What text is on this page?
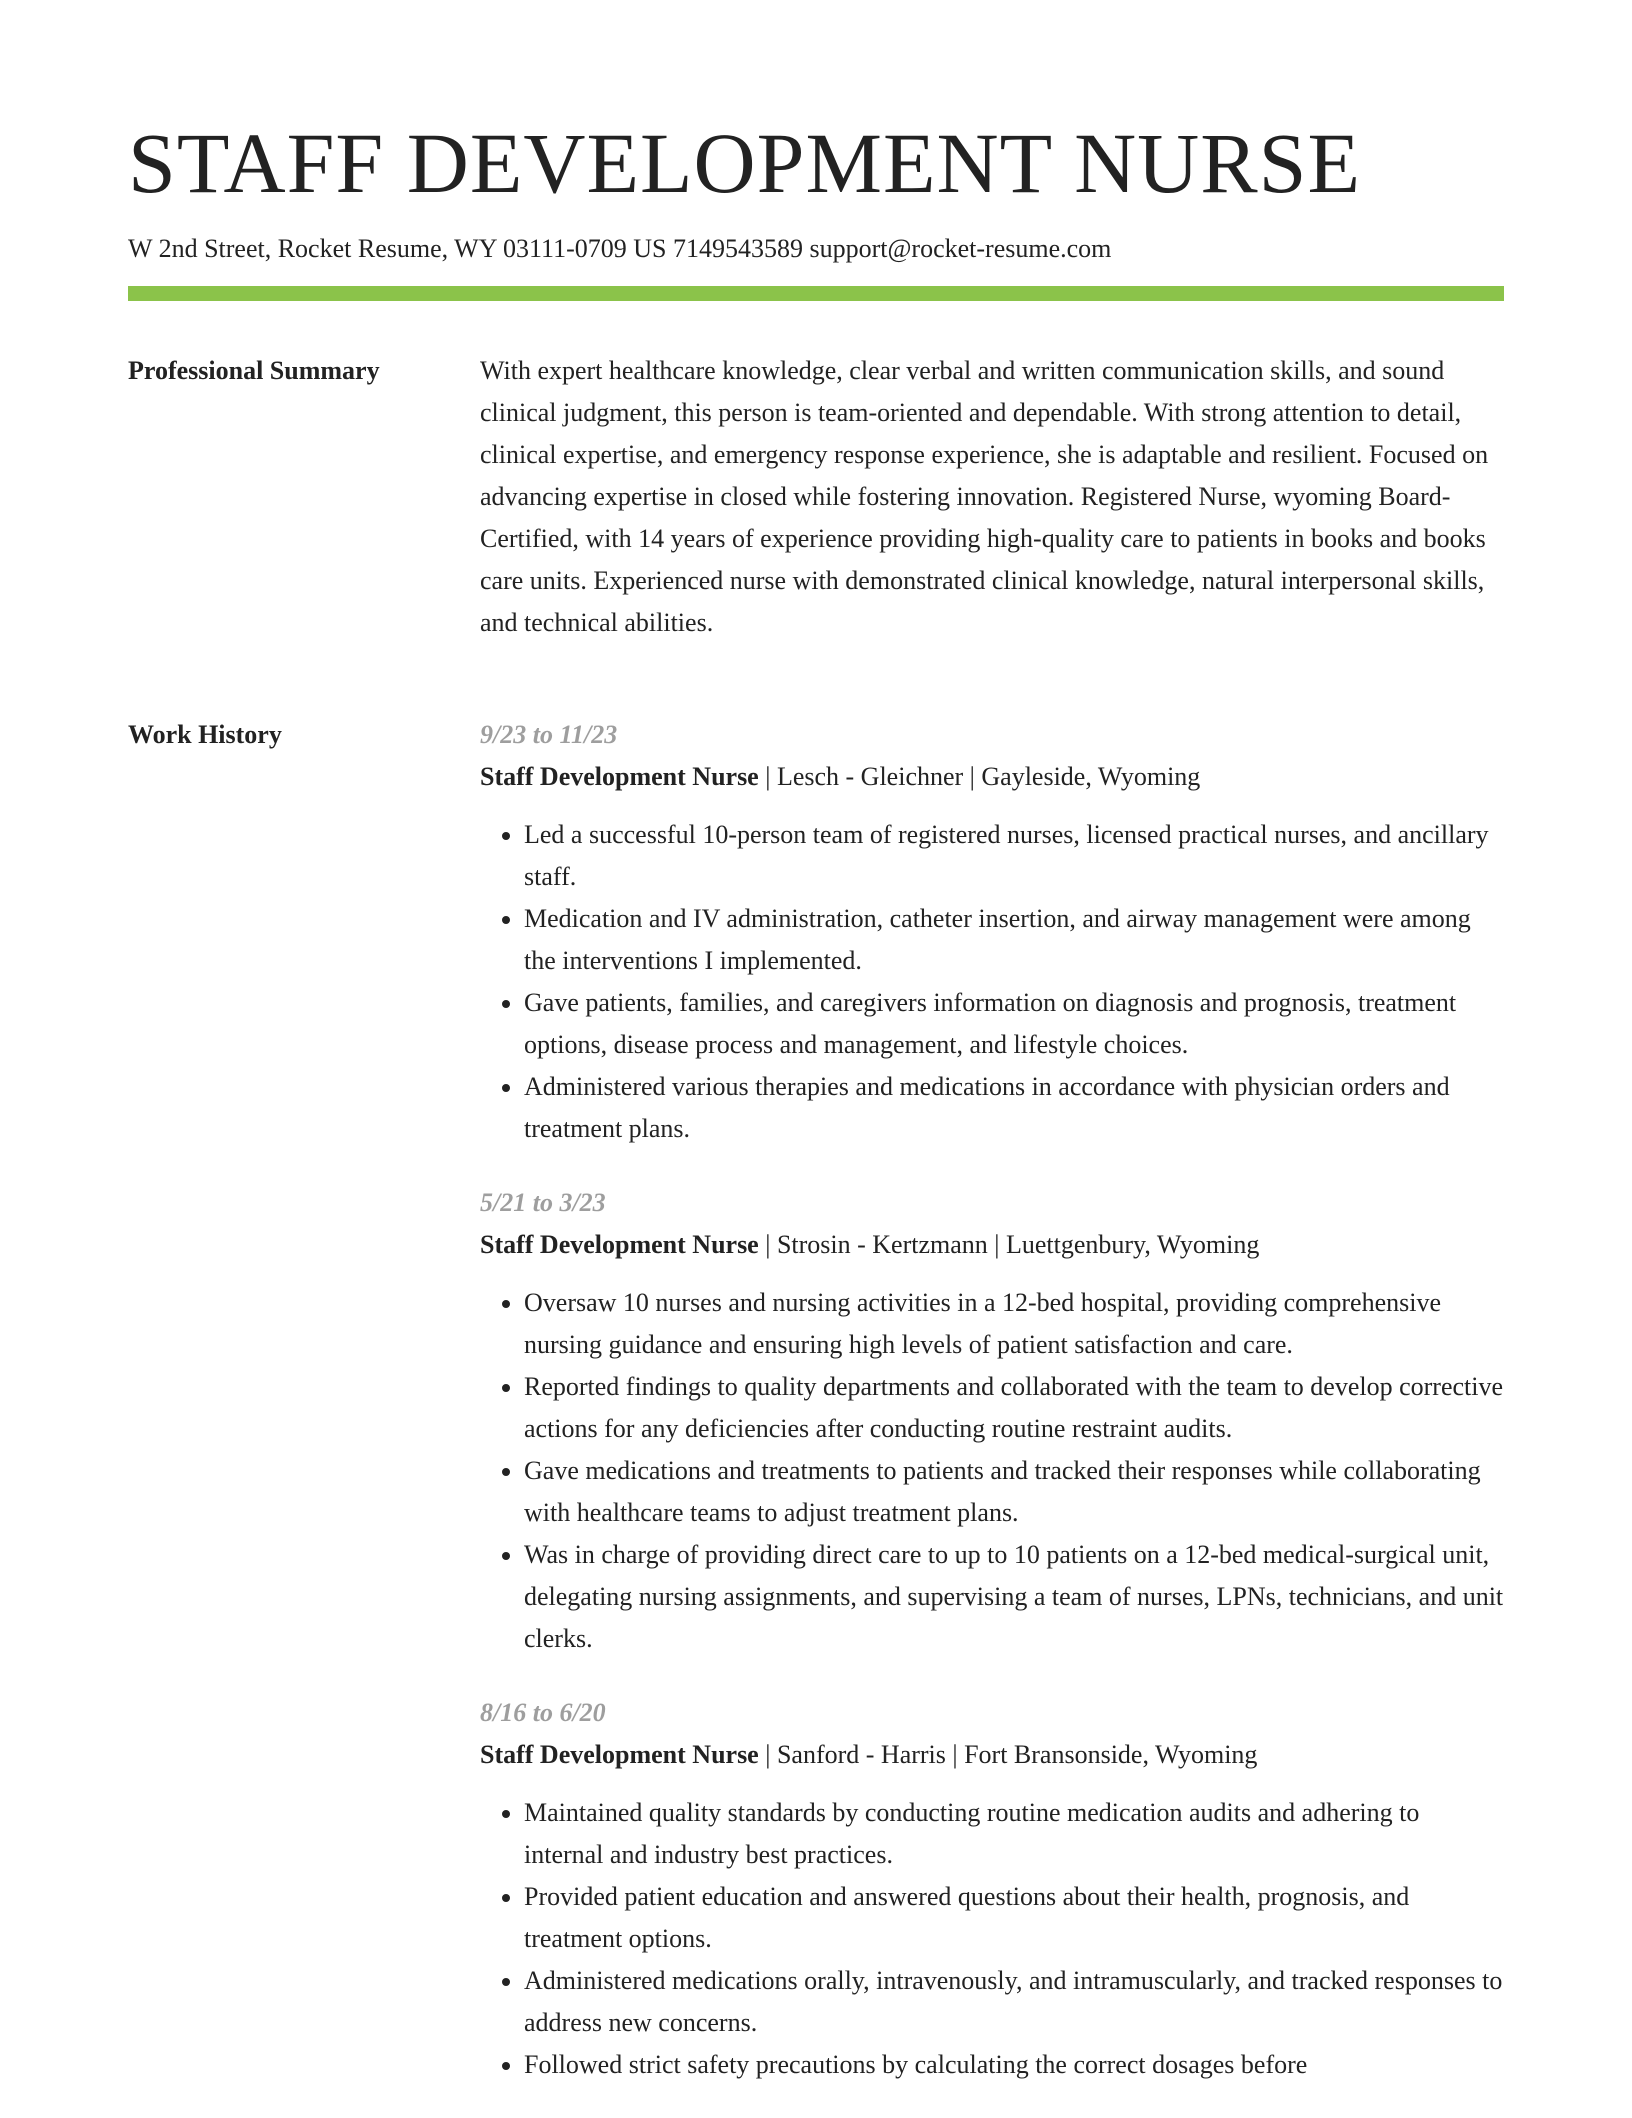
STAFF DEVELOPMENT NURSE
W 2nd Street, Rocket Resume, WY 03111-0709 US 7149543589 support@rocket-resume.com
Professional Summary	With expert healthcare knowledge, clear verbal and written communication skills, and sound clinical judgment, this person is team-oriented and dependable. With strong attention to detail, clinical expertise, and emergency response experience, she is adaptable and resilient. Focused on advancing expertise in closed while fostering innovation. Registered Nurse, wyoming Board-Certified, with 14 years of experience providing high-quality care to patients in books and books care units. Experienced nurse with demonstrated clinical knowledge, natural interpersonal skills, and technical abilities.

Work History	9/23 to 11/23
Staff Development Nurse | Lesch - Gleichner | Gayleside, Wyoming
• Led a successful 10-person team of registered nurses, licensed practical nurses, and ancillary staff.
• Medication and IV administration, catheter insertion, and airway management were among the interventions I implemented.
• Gave patients, families, and caregivers information on diagnosis and prognosis, treatment options, disease process and management, and lifestyle choices.
• Administered various therapies and medications in accordance with physician orders and treatment plans.
5/21 to 3/23
Staff Development Nurse | Strosin - Kertzmann | Luettgenbury, Wyoming
• Oversaw 10 nurses and nursing activities in a 12-bed hospital, providing comprehensive nursing guidance and ensuring high levels of patient satisfaction and care.
• Reported findings to quality departments and collaborated with the team to develop corrective actions for any deficiencies after conducting routine restraint audits.
• Gave medications and treatments to patients and tracked their responses while collaborating with healthcare teams to adjust treatment plans.
• Was in charge of providing direct care to up to 10 patients on a 12-bed medical-surgical unit, delegating nursing assignments, and supervising a team of nurses, LPNs, technicians, and unit clerks.
8/16 to 6/20
Staff Development Nurse | Sanford - Harris | Fort Bransonside, Wyoming
• Maintained quality standards by conducting routine medication audits and adhering to internal and industry best practices.
• Provided patient education and answered questions about their health, prognosis, and treatment options.
• Administered medications orally, intravenously, and intramuscularly, and tracked responses to address new concerns.
• Followed strict safety precautions by calculating the correct dosages before
